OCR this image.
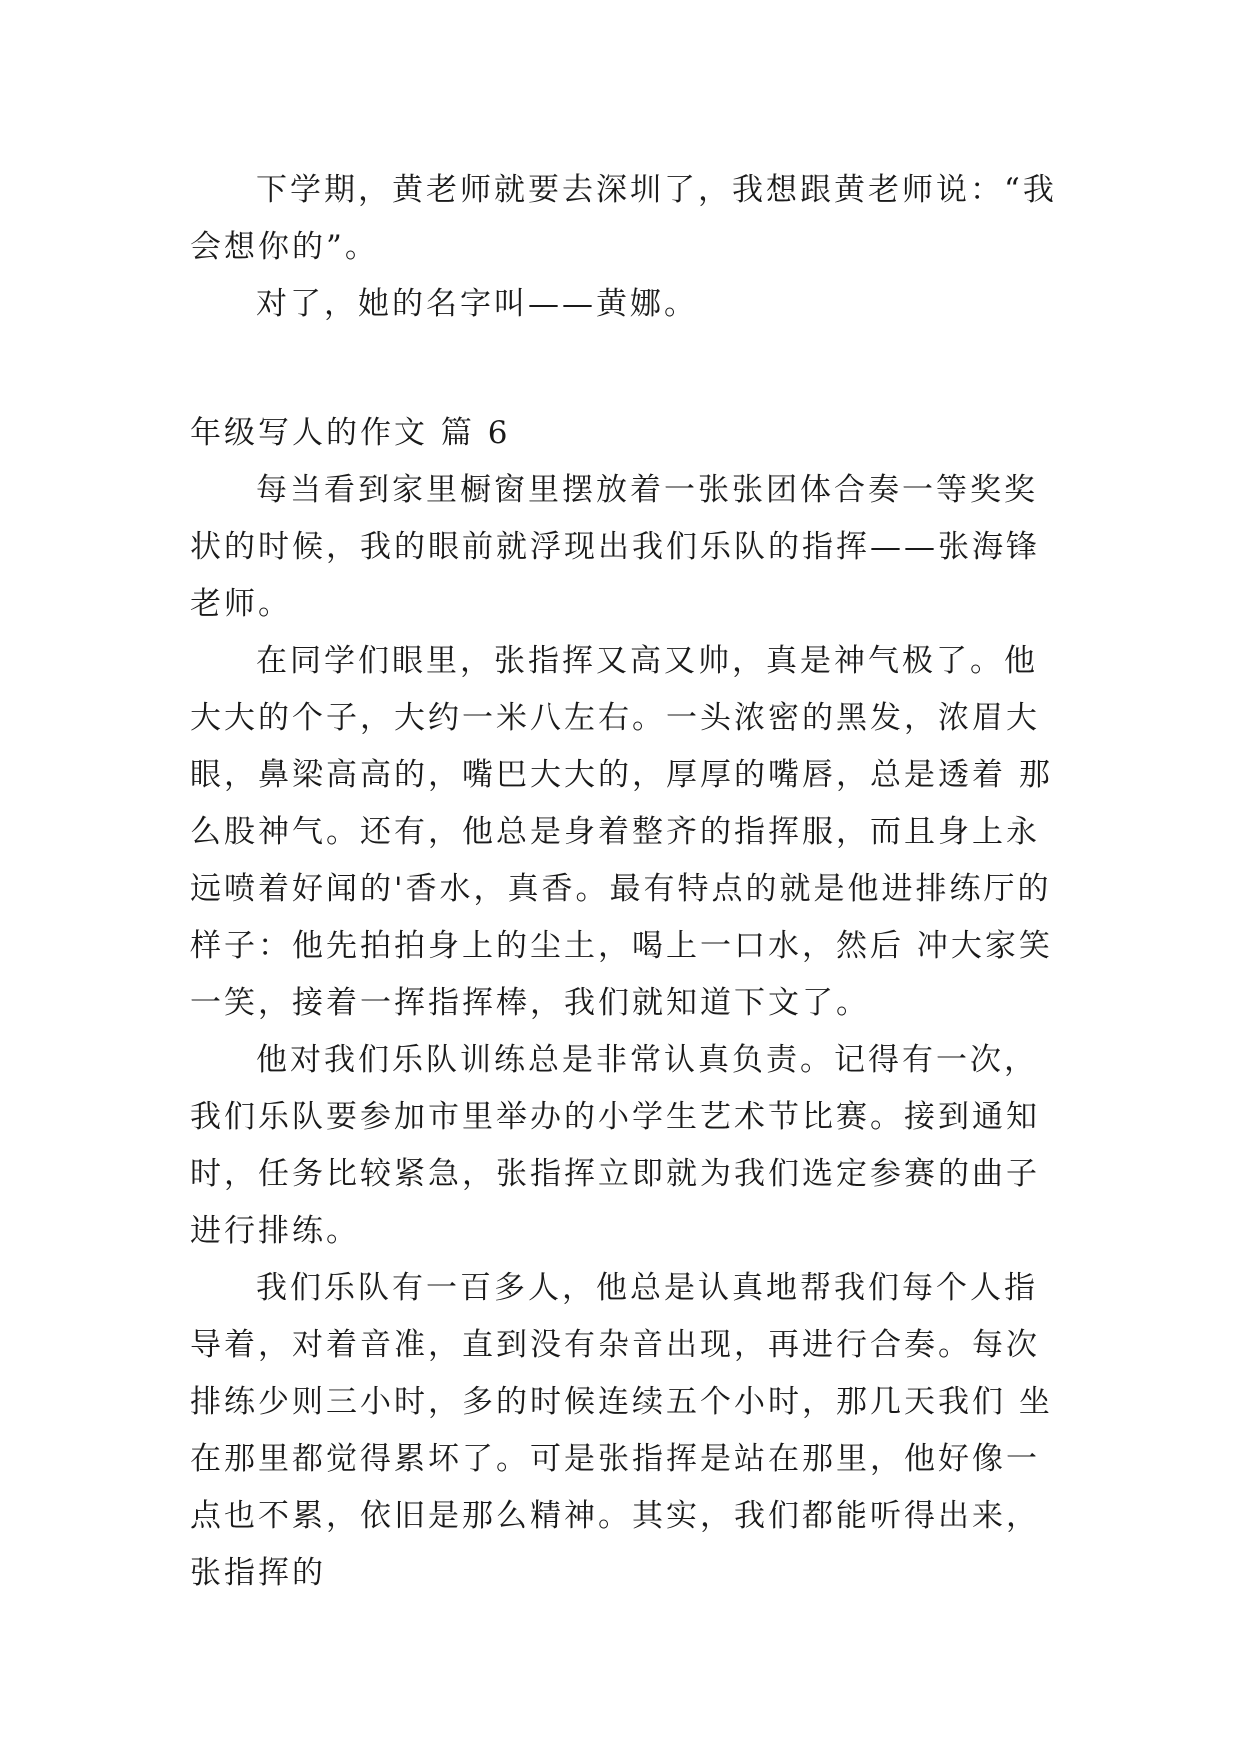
下学期，黄老师就要去深圳了，我想跟黄老师说：“我会想你的”。

对了，她的名字叫——黄娜。

年级写人的作文 篇 6

每当看到家里橱窗里摆放着一张张团体合奏一等奖奖状的时候，我的眼前就浮现出我们乐队的指挥——张海锋老师。

在同学们眼里，张指挥又高又帅，真是神气极了。他大大的个子，大约一米八左右。一头浓密的黑发，浓眉大眼，鼻梁高高的，嘴巴大大的，厚厚的嘴唇，总是透着 那么股神气。还有，他总是身着整齐的指挥服，而且身上永远喷着好闻的'香水，真香。最有特点的就是他进排练厅的样子：他先拍拍身上的尘土，喝上一口水，然后 冲大家笑一笑，接着一挥指挥棒，我们就知道下文了。

他对我们乐队训练总是非常认真负责。记得有一次，我们乐队要参加市里举办的小学生艺术节比赛。接到通知时，任务比较紧急，张指挥立即就为我们选定参赛的曲子进行排练。

我们乐队有一百多人，他总是认真地帮我们每个人指导着，对着音准，直到没有杂音出现，再进行合奏。每次排练少则三小时，多的时候连续五个小时，那几天我们 坐在那里都觉得累坏了。可是张指挥是站在那里，他好像一点也不累，依旧是那么精神。其实，我们都能听得出来，张指挥的
